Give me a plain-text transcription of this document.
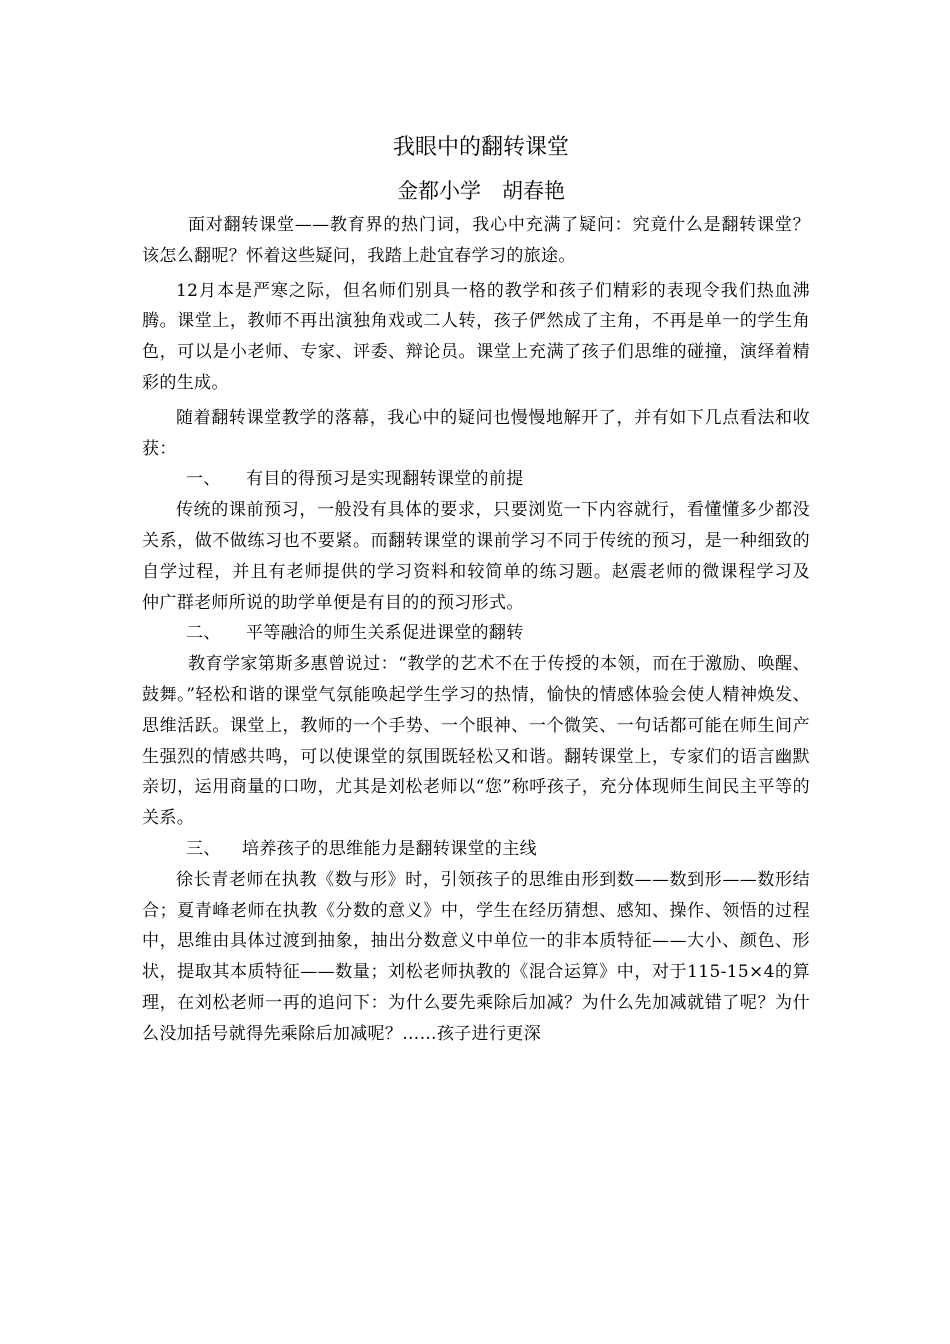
我眼中的翻转课堂

金都小学　胡春艳

面对翻转课堂——教育界的热门词，我心中充满了疑问：究竟什么是翻转课堂？该怎么翻呢？怀着这些疑问，我踏上赴宜春学习的旅途。

12月本是严寒之际，但名师们别具一格的教学和孩子们精彩的表现令我们热血沸腾。课堂上，教师不再出演独角戏或二人转，孩子俨然成了主角，不再是单一的学生角色，可以是小老师、专家、评委、辩论员。课堂上充满了孩子们思维的碰撞，演绎着精彩的生成。

随着翻转课堂教学的落幕，我心中的疑问也慢慢地解开了，并有如下几点看法和收获：

一、 有目的得预习是实现翻转课堂的前提

传统的课前预习，一般没有具体的要求，只要浏览一下内容就行，看懂懂多少都没关系，做不做练习也不要紧。而翻转课堂的课前学习不同于传统的预习，是一种细致的自学过程，并且有老师提供的学习资料和较简单的练习题。赵震老师的微课程学习及　仲广群老师所说的助学单便是有目的的预习形式。

二、 平等融洽的师生关系促进课堂的翻转

教育学家第斯多惠曾说过：“教学的艺术不在于传授的本领，而在于激励、唤醒、鼓舞。”轻松和谐的课堂气氛能唤起学生学习的热情，愉快的情感体验会使人精神焕发、思维活跃。课堂上，教师的一个手势、一个眼神、一个微笑、一句话都可能在师生间产生强烈的情感共鸣，可以使课堂的氛围既轻松又和谐。翻转课堂上，专家们的语言幽默亲切，运用商量的口吻，尤其是刘松老师以“您”称呼孩子，充分体现师生间民主平等的关系。

三、 培养孩子的思维能力是翻转课堂的主线

徐长青老师在执教《数与形》时，引领孩子的思维由形到数——数到形——数形结合；夏青峰老师在执教《分数的意义》中，学生在经历猜想、感知、操作、领悟的过程中，思维由具体过渡到抽象，抽出分数意义中单位一的非本质特征——大小、颜色、形状，提取其本质特征——数量；刘松老师执教的《混合运算》中，对于115-15×4的算理，在刘松老师一再的追问下：为什么要先乘除后加减？为什么先加减就错了呢？为什么没加括号就得先乘除后加减呢？……孩子进行更深
